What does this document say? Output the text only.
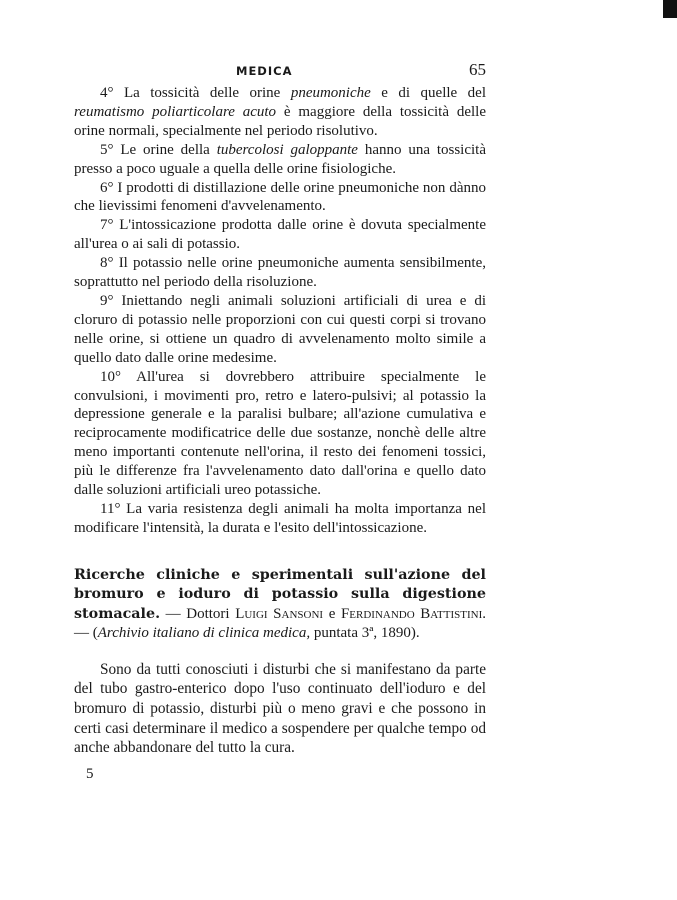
MEDICA	65

4° La tossicità delle orine pneumoniche e di quelle del reumatismo poliarticolare acuto è maggiore della tossicità delle orine normali, specialmente nel periodo risolutivo.

5° Le orine della tubercolosi galoppante hanno una tossicità presso a poco uguale a quella delle orine fisiologiche.

6° I prodotti di distillazione delle orine pneumoniche non dànno che lievissimi fenomeni d'avvelenamento.

7° L'intossicazione prodotta dalle orine è dovuta specialmente all'urea o ai sali di potassio.

8° Il potassio nelle orine pneumoniche aumenta sensibilmente, soprattutto nel periodo della risoluzione.

9° Iniettando negli animali soluzioni artificiali di urea e di cloruro di potassio nelle proporzioni con cui questi corpi si trovano nelle orine, si ottiene un quadro di avvelenamento molto simile a quello dato dalle orine medesime.

10° All'urea si dovrebbero attribuire specialmente le convulsioni, i movimenti pro, retro e latero-pulsivi; al potassio la depressione generale e la paralisi bulbare; all'azione cumulativa e reciprocamente modificatrice delle due sostanze, nonchè delle altre meno importanti contenute nell'orina, il resto dei fenomeni tossici, più le differenze fra l'avvelenamento dato dall'orina e quello dato dalle soluzioni artificiali ureo potassiche.

11° La varia resistenza degli animali ha molta importanza nel modificare l'intensità, la durata e l'esito dell'intossicazione.

Ricerche cliniche e sperimentali sull'azione del bromuro e ioduro di potassio sulla digestione stomacale. — Dottori Luigi Sansoni e Ferdinando Battistini. — (Archivio italiano di clinica medica, puntata 3ª, 1890).

Sono da tutti conosciuti i disturbi che si manifestano da parte del tubo gastro-enterico dopo l'uso continuato dell'ioduro e del bromuro di potassio, disturbi più o meno gravi e che possono in certi casi determinare il medico a sospendere per qualche tempo od anche abbandonare del tutto la cura.

5
